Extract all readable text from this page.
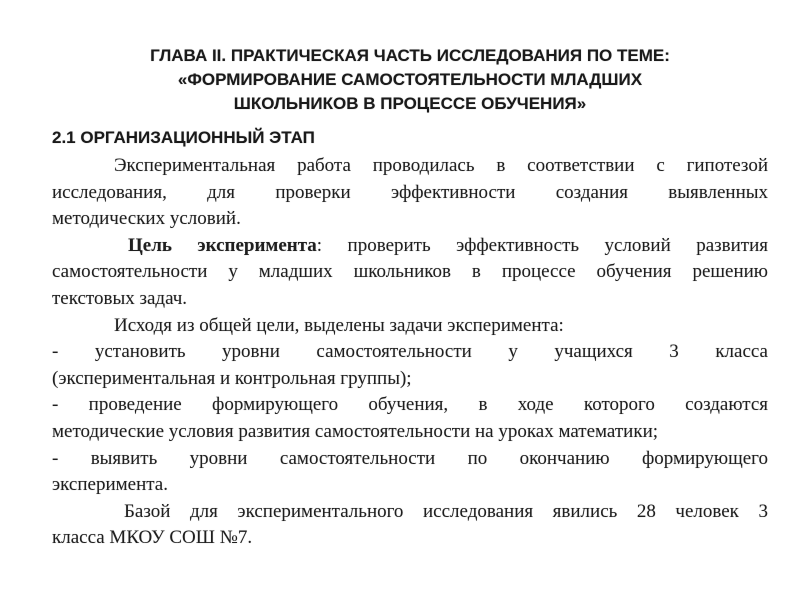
ГЛАВА II. ПРАКТИЧЕСКАЯ ЧАСТЬ ИССЛЕДОВАНИЯ ПО ТЕМЕ:
«ФОРМИРОВАНИЕ САМОСТОЯТЕЛЬНОСТИ МЛАДШИХ
ШКОЛЬНИКОВ В ПРОЦЕССЕ ОБУЧЕНИЯ»
2.1 ОРГАНИЗАЦИОННЫЙ ЭТАП
Экспериментальная работа проводилась в соответствии с гипотезой
исследования, для проверки эффективности создания выявленных
методических условий.
Цель эксперимента: проверить эффективность условий развития
самостоятельности у младших школьников в процессе обучения решению
текстовых задач.
Исходя из общей цели, выделены задачи эксперимента:
- установить уровни самостоятельности у учащихся 3 класса
(экспериментальная и контрольная группы);
- проведение формирующего обучения, в ходе которого создаются
методические условия развития самостоятельности на уроках математики;
- выявить уровни самостоятельности по окончанию формирующего
эксперимента.
Базой для экспериментального исследования явились 28 человек 3
класса МКОУ СОШ №7.
